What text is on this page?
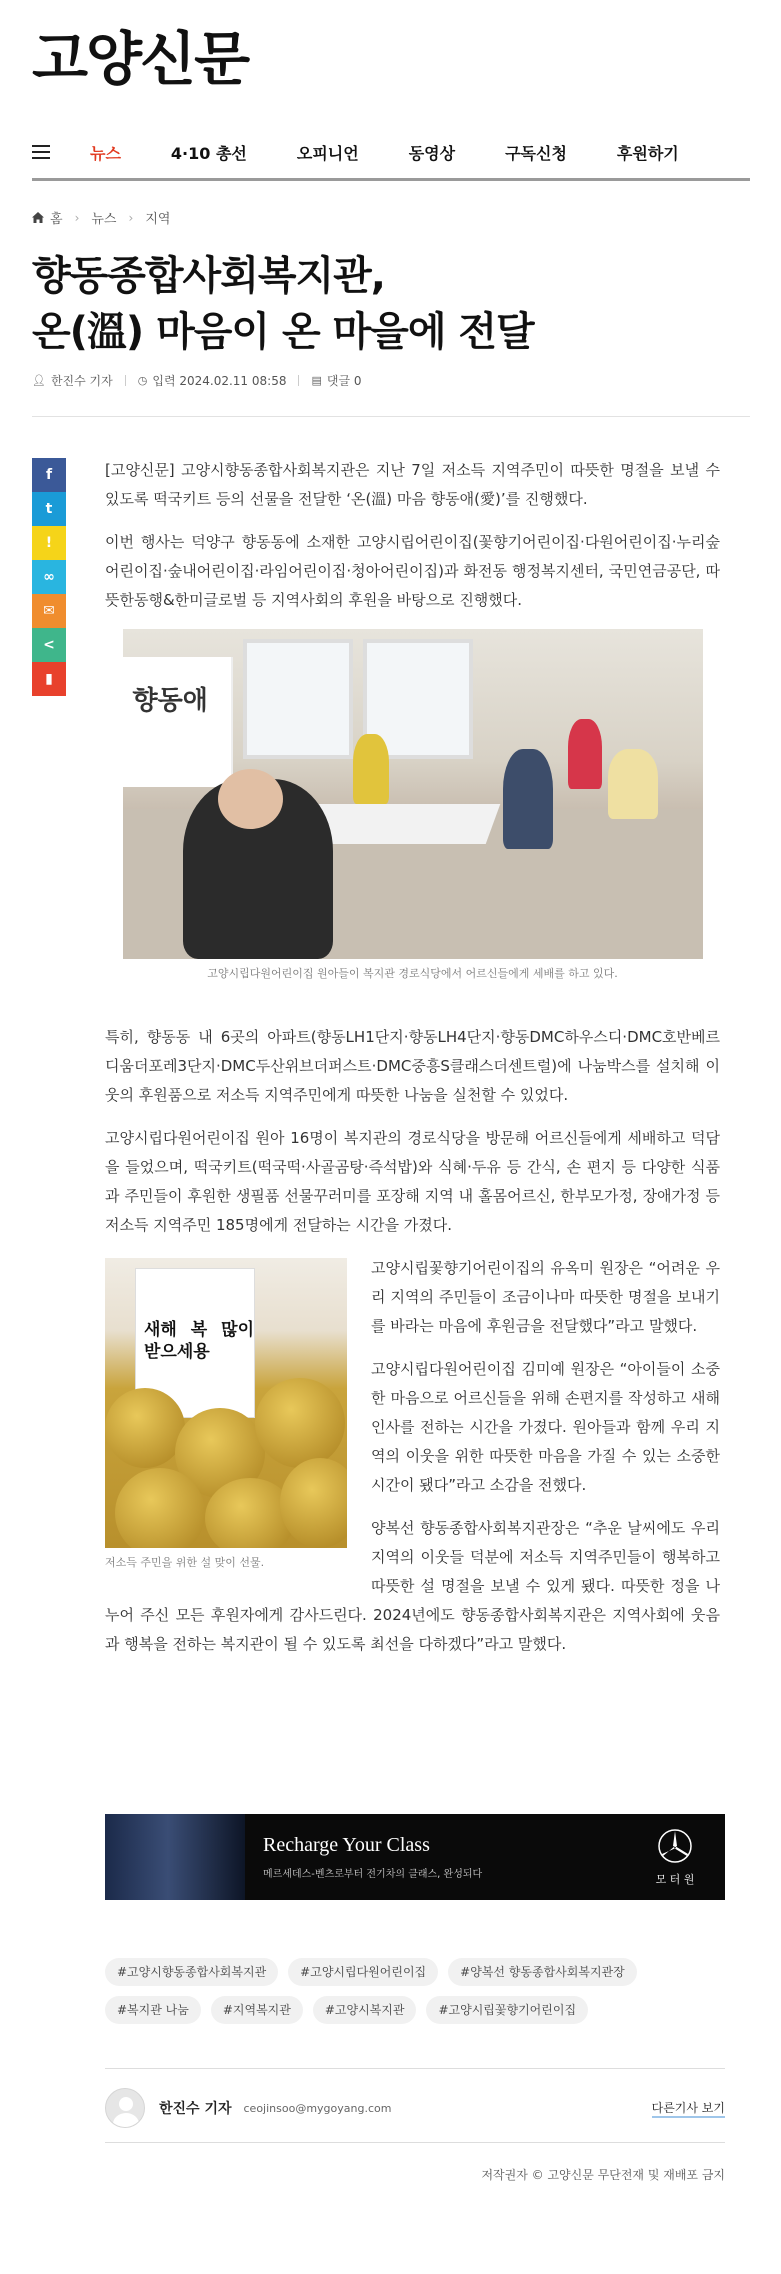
고양신문
뉴스	4·10 총선	오피니언	동영상	구독신청	후원하기
홈 › 뉴스 › 지역
향동종합사회복지관,
온(溫) 마음이 온 마을에 전달
👤︎ 한진수 기자 ◷ 입력 2024.02.11 08:58 ▤ 댓글 0
f
t
!
∞
✉
<
▮

[고양신문] 고양시향동종합사회복지관은 지난 7일 저소득 지역주민이 따뜻한 명절을 보낼 수 있도록 떡국키트 등의 선물을 전달한 ‘온(溫) 마음 향동애(愛)’를 진행했다.

이번 행사는 덕양구 향동동에 소재한 고양시립어린이집(꽃향기어린이집·다원어린이집·누리숲어린이집·숲내어린이집·라임어린이집·청아어린이집)과 화전동 행정복지센터, 국민연금공단, 따뜻한동행&한미글로벌 등 지역사회의 후원을 바탕으로 진행했다.

향동애
고양시립다원어린이집 원아들이 복지관 경로식당에서 어르신들에게 세배를 하고 있다.

특히, 향동동 내 6곳의 아파트(향동LH1단지·향동LH4단지·향동DMC하우스디·DMC호반베르디움더포레3단지·DMC두산위브더퍼스트·DMC중흥S클래스더센트럴)에 나눔박스를 설치해 이웃의 후원품으로 저소득 지역주민에게 따뜻한 나눔을 실천할 수 있었다.

고양시립다원어린이집 원아 16명이 복지관의 경로식당을 방문해 어르신들에게 세배하고 덕담을 들었으며, 떡국키트(떡국떡·사골곰탕·즉석밥)와 식혜·두유 등 간식, 손 편지 등 다양한 식품과 주민들이 후원한 생필품 선물꾸러미를 포장해 지역 내 홀몸어르신, 한부모가정, 장애가정 등 저소득 지역주민 185명에게 전달하는 시간을 가졌다.

새해 복 많이 받으세용
저소득 주민을 위한 설 맞이 선물.

고양시립꽃향기어린이집의 유옥미 원장은 “어려운 우리 지역의 주민들이 조금이나마 따뜻한 명절을 보내기를 바라는 마음에 후원금을 전달했다”라고 말했다.

고양시립다원어린이집 김미예 원장은 “아이들이 소중한 마음으로 어르신들을 위해 손편지를 작성하고 새해 인사를 전하는 시간을 가졌다. 원아들과 함께 우리 지역의 이웃을 위한 따뜻한 마음을 가질 수 있는 소중한 시간이 됐다”라고 소감을 전했다.

양복선 향동종합사회복지관장은 “추운 날씨에도 우리 지역의 이웃들 덕분에 저소득 지역주민들이 행복하고 따뜻한 설 명절을 보낼 수 있게 됐다. 따뜻한 정을 나누어 주신 모든 후원자에게 감사드린다. 2024년에도 향동종합사회복지관은 지역사회에 웃음과 행복을 전하는 복지관이 될 수 있도록 최선을 다하겠다”라고 말했다.

Recharge Your Class
메르세데스-벤츠로부터 전기차의 클래스, 완성되다	모 터 원
#고양시향동종합사회복지관	#고양시립다원어린이집	#양복선 향동종합사회복지관장
#복지관 나눔	#지역복지관	#고양시복지관	#고양시립꽃향기어린이집
한진수 기자 ceojinsoo@mygoyang.com	다른기사 보기
저작권자 © 고양신문 무단전재 및 재배포 금지
